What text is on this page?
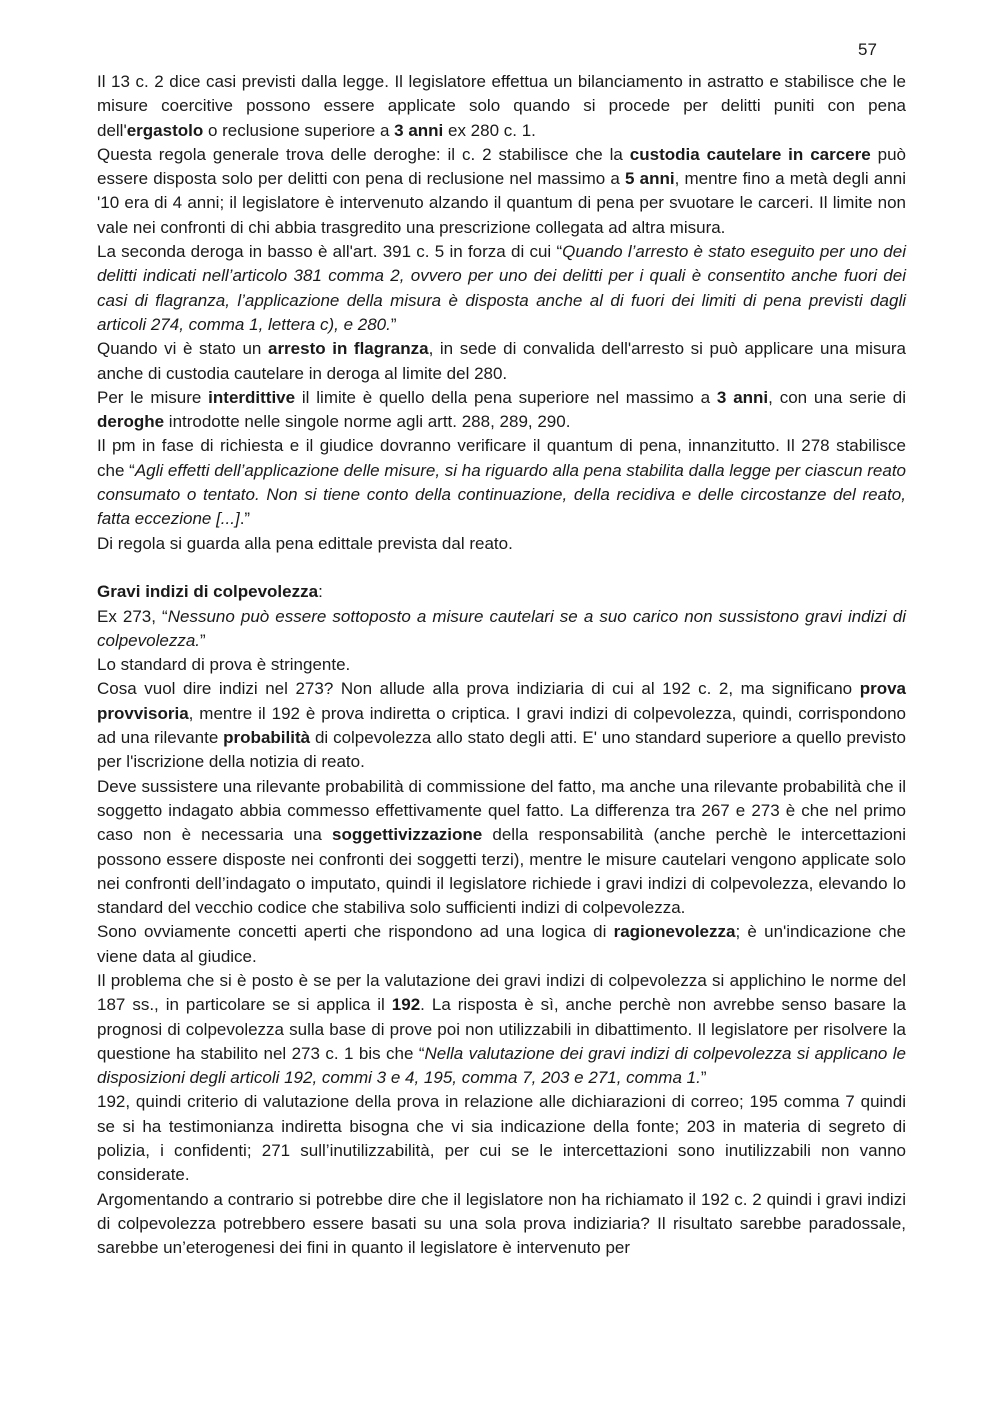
57

Il 13 c. 2 dice casi previsti dalla legge. Il legislatore effettua un bilanciamento in astratto e stabilisce che le misure coercitive possono essere applicate solo quando si procede per delitti puniti con pena dell'ergastolo o reclusione superiore a 3 anni ex 280 c. 1.

Questa regola generale trova delle deroghe: il c. 2 stabilisce che la custodia cautelare in carcere può essere disposta solo per delitti con pena di reclusione nel massimo a 5 anni, mentre fino a metà degli anni '10 era di 4 anni; il legislatore è intervenuto alzando il quantum di pena per svuotare le carceri. Il limite non vale nei confronti di chi abbia trasgredito una prescrizione collegata ad altra misura.

La seconda deroga in basso è all'art. 391 c. 5 in forza di cui “Quando l’arresto è stato eseguito per uno dei delitti indicati nell’articolo 381 comma 2, ovvero per uno dei delitti per i quali è consentito anche fuori dei casi di flagranza, l’applicazione della misura è disposta anche al di fuori dei limiti di pena previsti dagli articoli 274, comma 1, lettera c), e 280.”

Quando vi è stato un arresto in flagranza, in sede di convalida dell'arresto si può applicare una misura anche di custodia cautelare in deroga al limite del 280.

Per le misure interdittive il limite è quello della pena superiore nel massimo a 3 anni, con una serie di deroghe introdotte nelle singole norme agli artt. 288, 289, 290.

Il pm in fase di richiesta e il giudice dovranno verificare il quantum di pena, innanzitutto. Il 278 stabilisce che “Agli effetti dell’applicazione delle misure, si ha riguardo alla pena stabilita dalla legge per ciascun reato consumato o tentato. Non si tiene conto della continuazione, della recidiva e delle circostanze del reato, fatta eccezione [...].”

Di regola si guarda alla pena edittale prevista dal reato.

Gravi indizi di colpevolezza:

Ex 273, “Nessuno può essere sottoposto a misure cautelari se a suo carico non sussistono gravi indizi di colpevolezza.”

Lo standard di prova è stringente.

Cosa vuol dire indizi nel 273? Non allude alla prova indiziaria di cui al 192 c. 2, ma significano prova provvisoria, mentre il 192 è prova indiretta o criptica. I gravi indizi di colpevolezza, quindi, corrispondono ad una rilevante probabilità di colpevolezza allo stato degli atti. E' uno standard superiore a quello previsto per l'iscrizione della notizia di reato.

Deve sussistere una rilevante probabilità di commissione del fatto, ma anche una rilevante probabilità che il soggetto indagato abbia commesso effettivamente quel fatto. La differenza tra 267 e 273 è che nel primo caso non è necessaria una soggettivizzazione della responsabilità (anche perchè le intercettazioni possono essere disposte nei confronti dei soggetti terzi), mentre le misure cautelari vengono applicate solo nei confronti dell’indagato o imputato, quindi il legislatore richiede i gravi indizi di colpevolezza, elevando lo standard del vecchio codice che stabiliva solo sufficienti indizi di colpevolezza.

Sono ovviamente concetti aperti che rispondono ad una logica di ragionevolezza; è un'indicazione che viene data al giudice.

Il problema che si è posto è se per la valutazione dei gravi indizi di colpevolezza si applichino le norme del 187 ss., in particolare se si applica il 192. La risposta è sì, anche perchè non avrebbe senso basare la prognosi di colpevolezza sulla base di prove poi non utilizzabili in dibattimento. Il legislatore per risolvere la questione ha stabilito nel 273 c. 1 bis che “Nella valutazione dei gravi indizi di colpevolezza si applicano le disposizioni degli articoli 192, commi 3 e 4, 195, comma 7, 203 e 271, comma 1.”

192, quindi criterio di valutazione della prova in relazione alle dichiarazioni di correo; 195 comma 7 quindi se si ha testimonianza indiretta bisogna che vi sia indicazione della fonte; 203 in materia di segreto di polizia, i confidenti; 271 sull’inutilizzabilità, per cui se le intercettazioni sono inutilizzabili non vanno considerate.

Argomentando a contrario si potrebbe dire che il legislatore non ha richiamato il 192 c. 2 quindi i gravi indizi di colpevolezza potrebbero essere basati su una sola prova indiziaria? Il risultato sarebbe paradossale, sarebbe un’eterogenesi dei fini in quanto il legislatore è intervenuto per
